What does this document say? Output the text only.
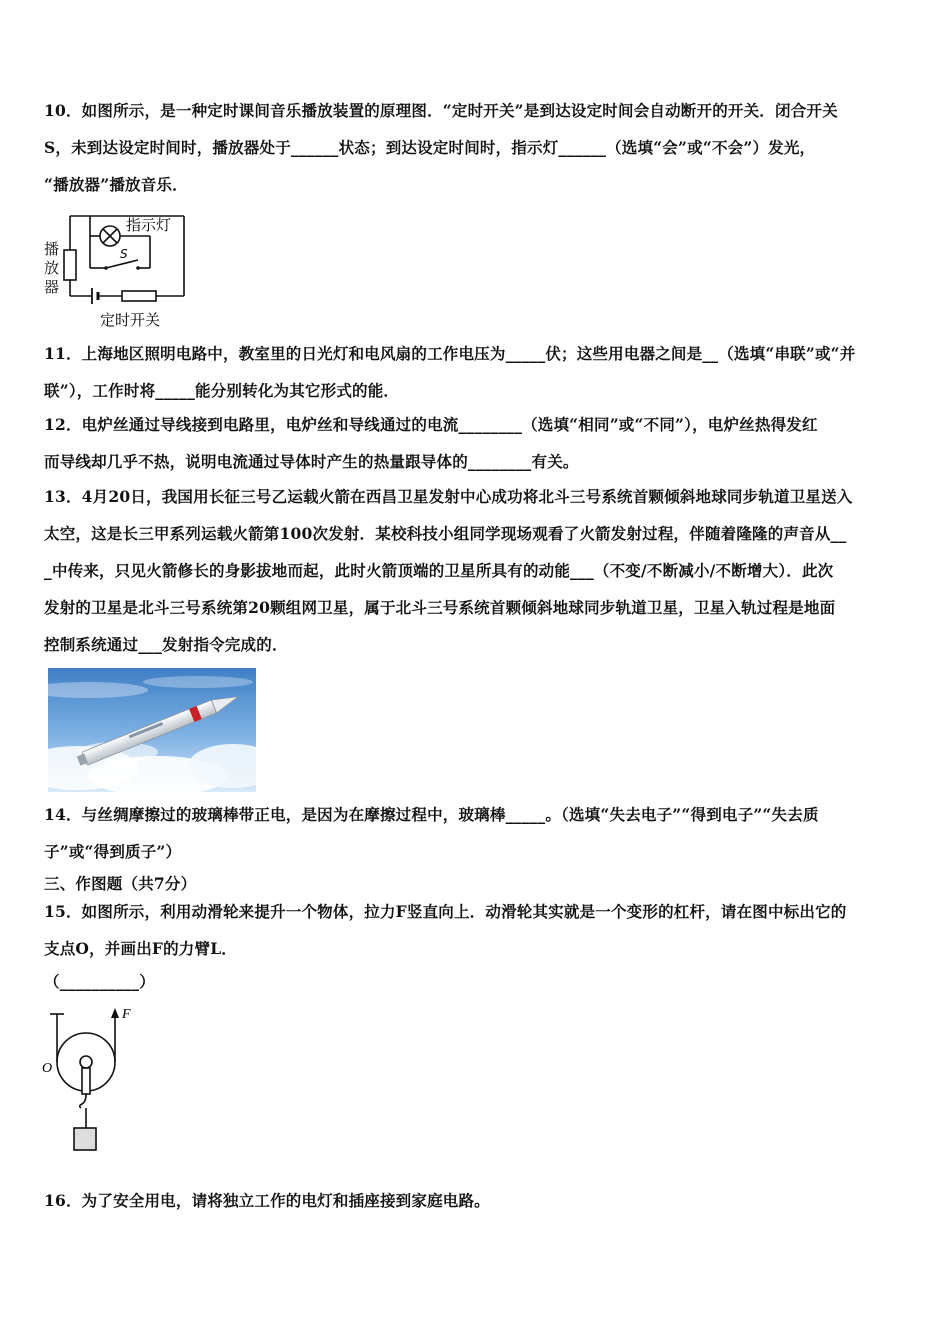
10．如图所示，是一种定时课间音乐播放装置的原理图．“定时开关”是到达设定时间会自动断开的开关．闭合开关

S，未到达设定时间时，播放器处于______状态；到达设定时间时，指示灯______（选填“会”或“不会”）发光，

“播放器”播放音乐．

指示灯
S
定时开关
播放器

11．上海地区照明电路中，教室里的日光灯和电风扇的工作电压为_____伏；这些用电器之间是__（选填“串联”或“并

联”），工作时将_____能分别转化为其它形式的能．

12．电炉丝通过导线接到电路里，电炉丝和导线通过的电流________（选填“相同”或“不同”），电炉丝热得发红

而导线却几乎不热，说明电流通过导体时产生的热量跟导体的________有关。

13．4月20日，我国用长征三号乙运载火箭在西昌卫星发射中心成功将北斗三号系统首颗倾斜地球同步轨道卫星送入

太空，这是长三甲系列运载火箭第100次发射．某校科技小组同学现场观看了火箭发射过程，伴随着隆隆的声音从__

_中传来，只见火箭修长的身影拔地而起，此时火箭顶端的卫星所具有的动能___（不变/不断减小/不断增大）．此次

发射的卫星是北斗三号系统第20颗组网卫星，属于北斗三号系统首颗倾斜地球同步轨道卫星，卫星入轨过程是地面

控制系统通过___发射指令完成的．

14．与丝绸摩擦过的玻璃棒带正电，是因为在摩擦过程中，玻璃棒_____。（选填“失去电子”“得到电子”“失去质

子”或“得到质子”）

三、作图题（共7分）

15．如图所示，利用动滑轮来提升一个物体，拉力F竖直向上．动滑轮其实就是一个变形的杠杆，请在图中标出它的

支点O，并画出F的力臂L．

（__________）

F
O

16．为了安全用电，请将独立工作的电灯和插座接到家庭电路。
